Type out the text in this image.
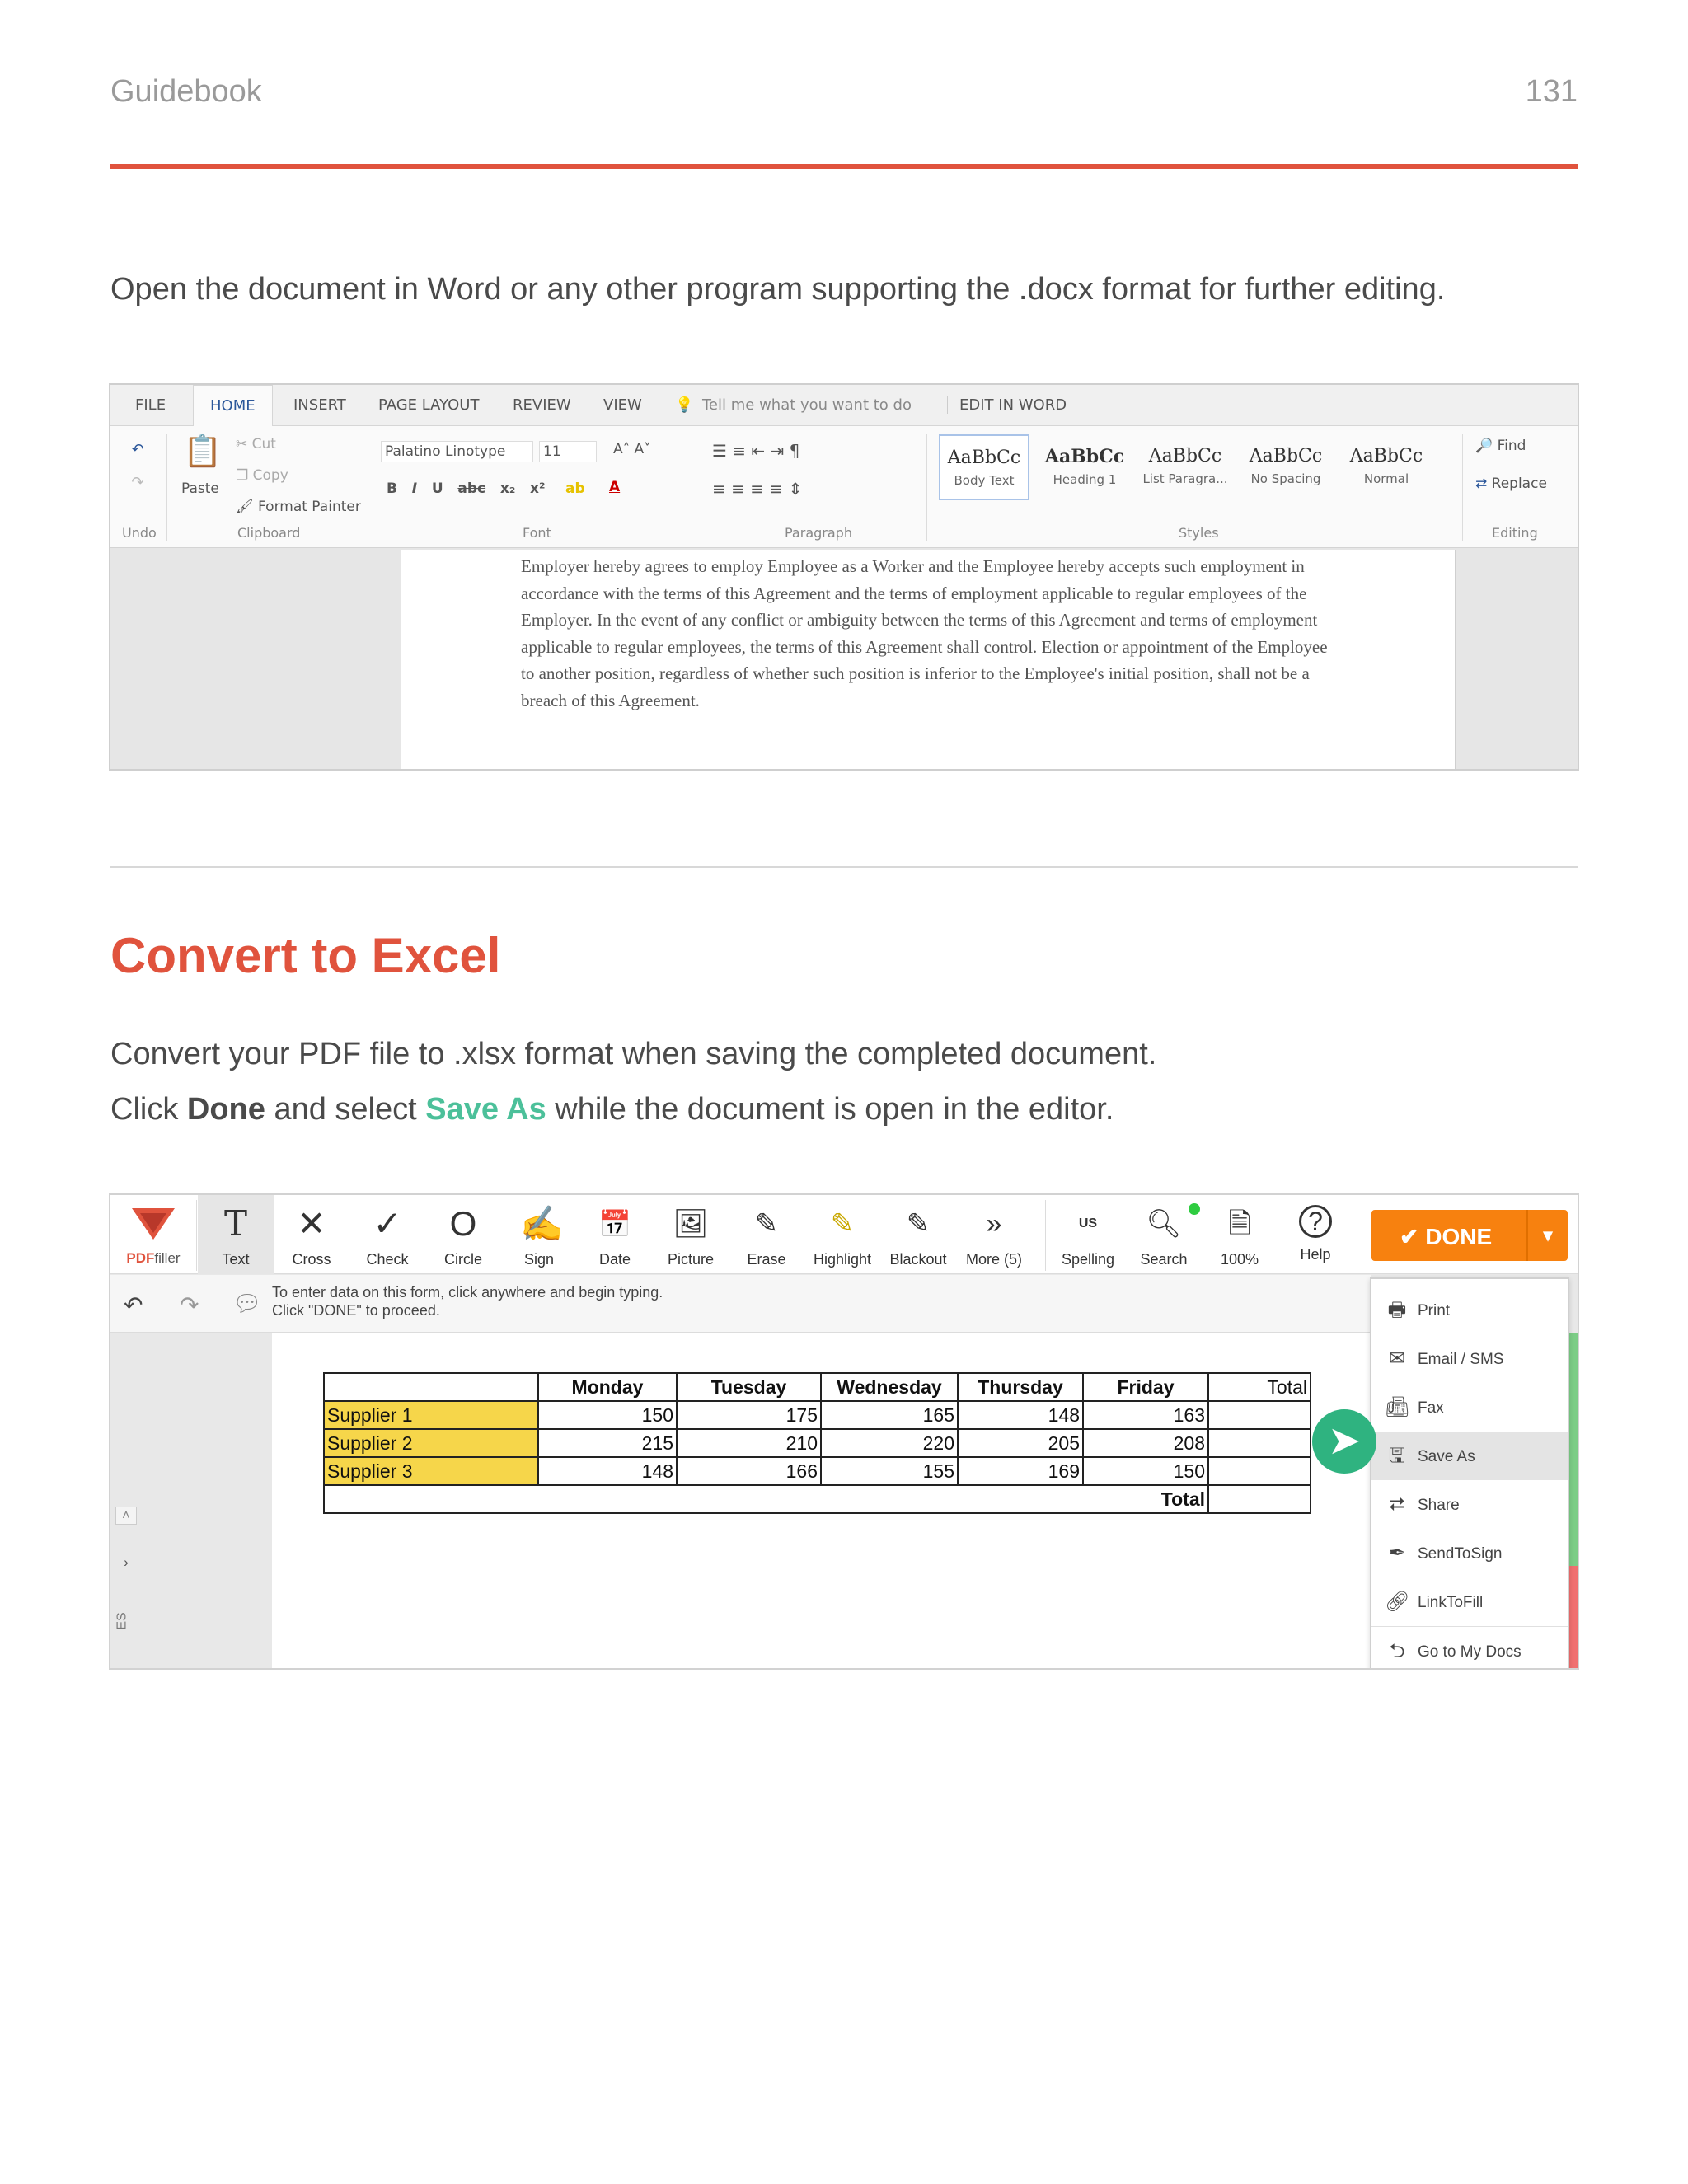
Guidebook	131
Open the document in Word or any other program supporting the .docx format for further editing.
FILE	HOME	INSERT PAGE LAYOUT REVIEW VIEW 💡 Tell me what you want to do	EDIT IN WORD
↶
↷
📋
Paste
✂ Cut
❐ Copy
🖌 Format Painter
Palatino Linotype	11	A˄ A˅
B   I U abc   x₂   x² ab A
☰ ≡ ⇤ ⇥ ¶
≡ ≡ ≡ ≡ ⇕
AaBbCc
Body Text
AaBbCc
Heading 1
AaBbCc
List Paragra...
AaBbCc
No Spacing
AaBbCc
Normal
🔎 Find
⇄ Replace
Undo	Clipboard	Font	Paragraph	Styles	Editing
Employer hereby agrees to employ Employee as a Worker and the Employee hereby accepts such employment in accordance with the terms of this Agreement and the terms of employment applicable to regular employees of the Employer. In the event of any conflict or ambiguity between the terms of this Agreement and terms of employment applicable to regular employees, the terms of this Agreement shall control. Election or appointment of the Employee to another position, regardless of whether such position is inferior to the Employee's initial position, shall not be a breach of this Agreement.
Convert to Excel
Convert your PDF file to .xlsx format when saving the completed document.
Click Done and select Save As while the document is open in the editor.
PDFfiller
T
Text
✕
Cross
✓
Check
O
Circle
✍
Sign
📅
Date
🖼
Picture
✎
Erase
✎
Highlight
✎
Blackout
»
More (5)
US
Spelling
🔍︎
Search
🗎
100%
?
Help
✔ DONE	▾
↶ ↷ 💬︎ To enter data on this form, click anywhere and begin typing.
Click "DONE" to proceed.
˄
›
ES
	Monday	Tuesday	Wednesday	Thursday	Friday	Total
Supplier 1	150	175	165	148	163	
Supplier 2	215	210	220	205	208	
Supplier 3	148	166	155	169	150	
					Total	
🖶︎ Print
✉ Email / SMS
📠︎ Fax
🖫︎ Save As
⮂ Share
✒ SendToSign
🔗︎ LinkToFill
⮌ Go to My Docs
➤
